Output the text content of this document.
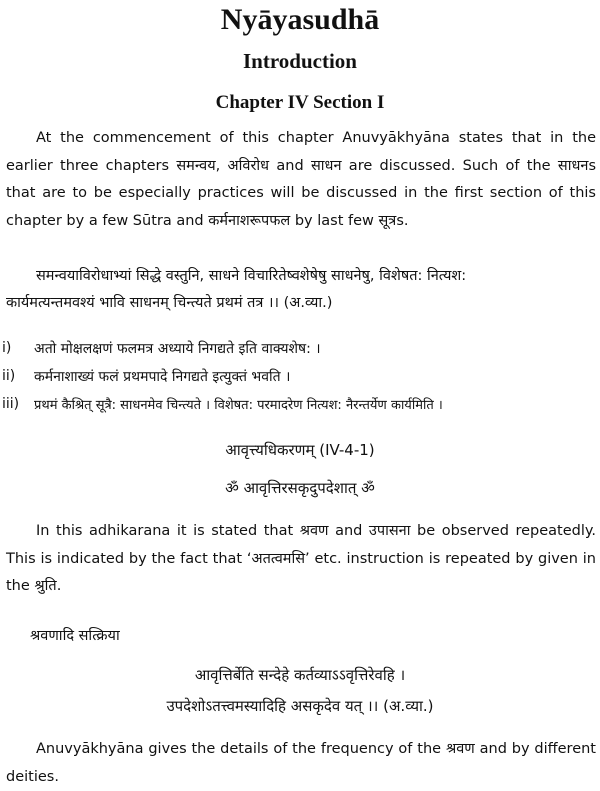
Nyāyasudhā
Introduction
Chapter IV Section I

At the commencement of this chapter Anuvyākhyāna states that in the earlier three chapters समन्वय, अविरोध and साधन are discussed. Such of the साधनs that are to be especially practices will be discussed in the first section of this chapter by a few Sūtra and कर्मनाशरूपफल by last few सूत्रs.

समन्वयाविरोधाभ्यां सिद्धे वस्तुनि, साधने विचारितेष्वशेषेषु साधनेषु, विशेषत: नित्यश:
कार्यमत्यन्तमवश्यं भावि साधनम् चिन्त्यते प्रथमं तत्र ।। (अ.व्या.)
i)	अतो मोक्षलक्षणं फलमत्र अध्याये निगद्यते इति वाक्यशेष: ।
ii)	कर्मनाशाख्यं फलं प्रथमपादे निगद्यते इत्युक्तं भवति ।
iii)	प्रथमं कैश्रित् सूत्रै: साधनमेव चिन्त्यते । विशेषत: परमादरेण नित्यश: नैरन्तर्येण कार्यमिति ।
आवृत्त्यधिकरणम् (IV-4-1)
ॐ आवृत्तिरसकृदुपदेशात् ॐ

In this adhikarana it is stated that श्रवण and उपासना be observed repeatedly. This is indicated by the fact that ‘अतत्वमसि’ etc. instruction is repeated by given in the श्रुति.

श्रवणादि सत्क्रिया
आवृत्तिर्बेति सन्देहे कर्तव्याऽऽवृत्तिरेवहि ।
उपदेशोऽतत्त्वमस्यादिहि असकृदेव यत् ।। (अ.व्या.)

Anuvyākhyāna gives the details of the frequency of the श्रवण and by different deities.
